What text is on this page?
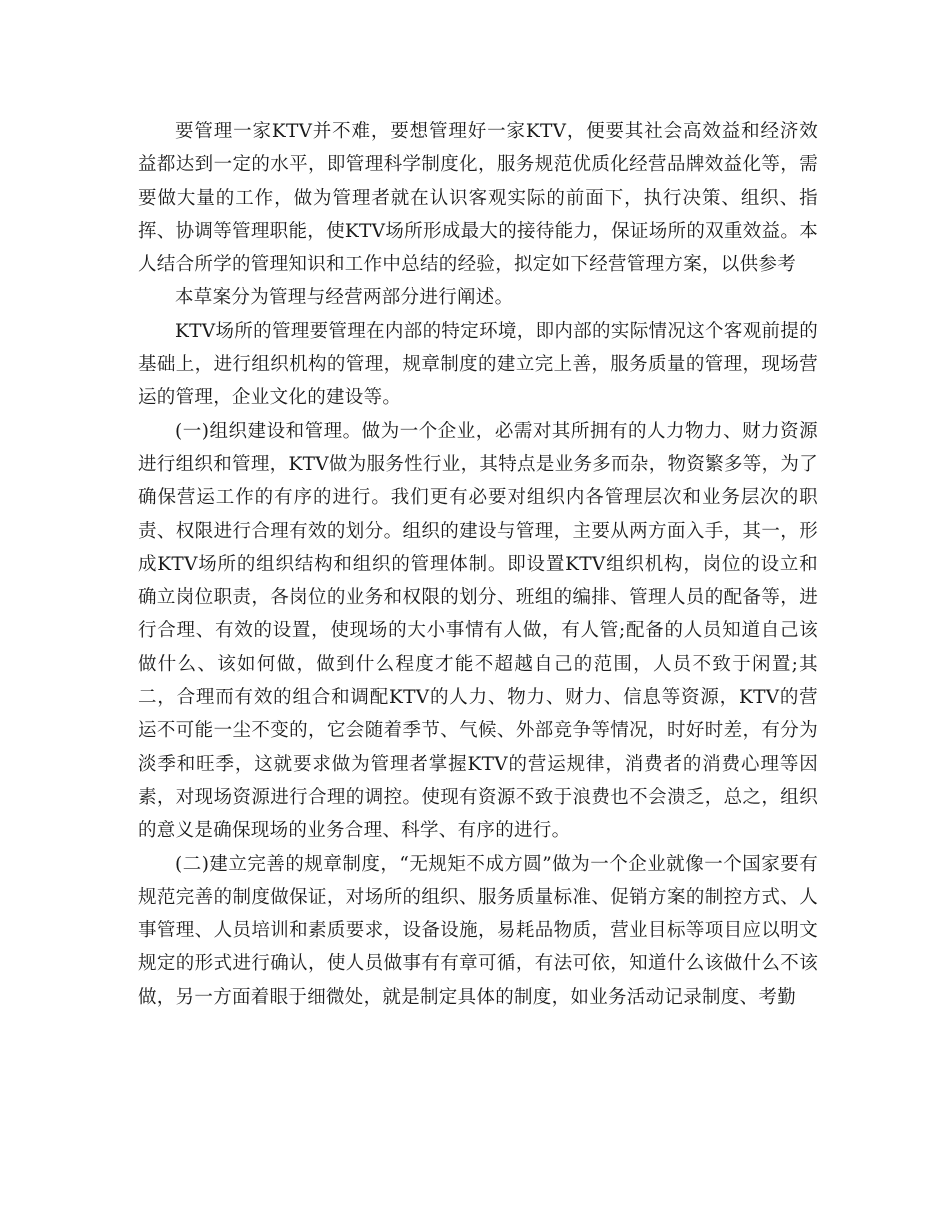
要管理一家KTV并不难，要想管理好一家KTV，便要其社会高效益和经济效益都达到一定的水平，即管理科学制度化，服务规范优质化经营品牌效益化等，需要做大量的工作，做为管理者就在认识客观实际的前面下，执行决策、组织、指挥、协调等管理职能，使KTV场所形成最大的接待能力，保证场所的双重效益。本人结合所学的管理知识和工作中总结的经验，拟定如下经营管理方案，以供参考

本草案分为管理与经营两部分进行阐述。

KTV场所的管理要管理在内部的特定环境，即内部的实际情况这个客观前提的基础上，进行组织机构的管理，规章制度的建立完上善，服务质量的管理，现场营运的管理，企业文化的建设等。

(一)组织建设和管理。做为一个企业，必需对其所拥有的人力物力、财力资源进行组织和管理，KTV做为服务性行业，其特点是业务多而杂，物资繁多等，为了确保营运工作的有序的进行。我们更有必要对组织内各管理层次和业务层次的职责、权限进行合理有效的划分。组织的建设与管理，主要从两方面入手，其一，形成KTV场所的组织结构和组织的管理体制。即设置KTV组织机构，岗位的设立和确立岗位职责，各岗位的业务和权限的划分、班组的编排、管理人员的配备等，进行合理、有效的设置，使现场的大小事情有人做，有人管;配备的人员知道自己该做什么、该如何做，做到什么程度才能不超越自己的范围，人员不致于闲置;其二，合理而有效的组合和调配KTV的人力、物力、财力、信息等资源，KTV的营运不可能一尘不变的，它会随着季节、气候、外部竞争等情况，时好时差，有分为淡季和旺季，这就要求做为管理者掌握KTV的营运规律，消费者的消费心理等因素，对现场资源进行合理的调控。使现有资源不致于浪费也不会溃乏，总之，组织的意义是确保现场的业务合理、科学、有序的进行。

(二)建立完善的规章制度，“无规矩不成方圆”做为一个企业就像一个国家要有规范完善的制度做保证，对场所的组织、服务质量标准、促销方案的制控方式、人事管理、人员培训和素质要求，设备设施，易耗品物质，营业目标等项目应以明文规定的形式进行确认，使人员做事有有章可循，有法可依，知道什么该做什么不该做，另一方面着眼于细微处，就是制定具体的制度，如业务活动记录制度、考勤
